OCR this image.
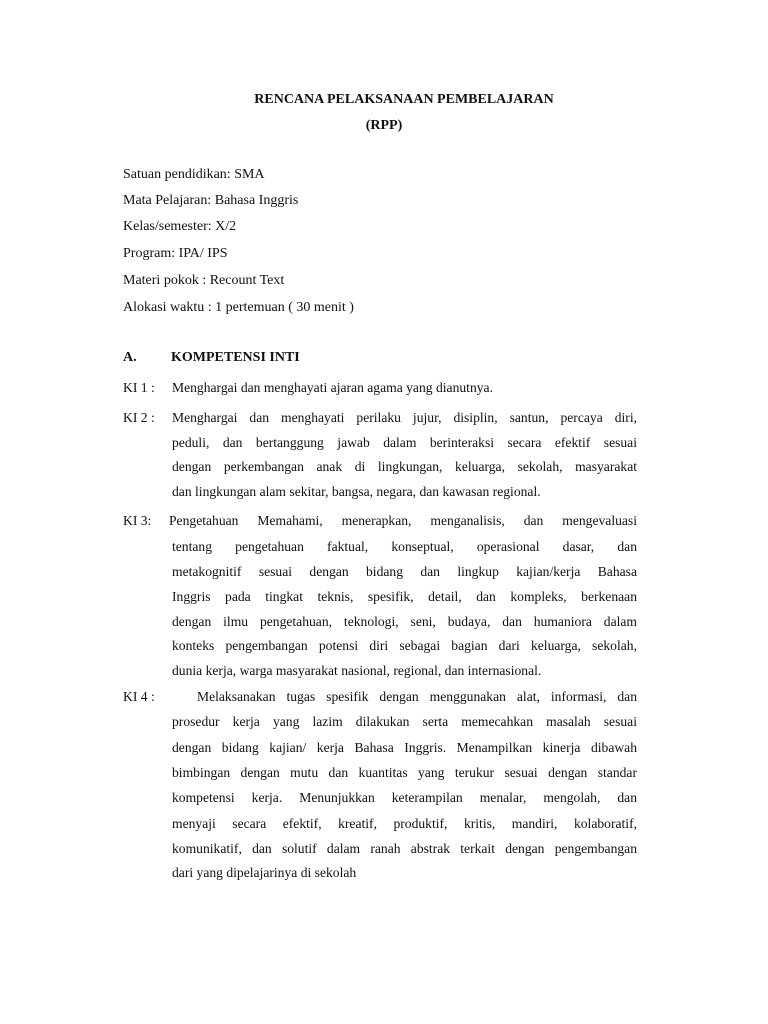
RENCANA PELAKSANAAN PEMBELAJARAN
(RPP)
Satuan pendidikan: SMA
Mata Pelajaran: Bahasa Inggris
Kelas/semester: X/2
Program: IPA/ IPS
Materi pokok : Recount Text
Alokasi waktu : 1 pertemuan ( 30 menit )
A. KOMPETENSI INTI
KI 1 : Menghargai dan menghayati ajaran agama yang dianutnya.
KI 2 : Menghargai dan menghayati perilaku jujur, disiplin, santun, percaya diri,
peduli, dan bertanggung jawab dalam berinteraksi secara efektif sesuai
dengan perkembangan anak di lingkungan, keluarga, sekolah, masyarakat
dan lingkungan alam sekitar, bangsa, negara, dan kawasan regional.
KI 3: Pengetahuan Memahami, menerapkan, menganalisis, dan mengevaluasi
tentang pengetahuan faktual, konseptual, operasional dasar, dan
metakognitif sesuai dengan bidang dan lingkup kajian/kerja Bahasa
Inggris pada tingkat teknis, spesifik, detail, dan kompleks, berkenaan
dengan ilmu pengetahuan, teknologi, seni, budaya, dan humaniora dalam
konteks pengembangan potensi diri sebagai bagian dari keluarga, sekolah,
dunia kerja, warga masyarakat nasional, regional, dan internasional.
KI 4 :	Melaksanakan tugas spesifik dengan menggunakan alat, informasi, dan
prosedur kerja yang lazim dilakukan serta memecahkan masalah sesuai
dengan bidang kajian/ kerja Bahasa Inggris. Menampilkan kinerja dibawah
bimbingan dengan mutu dan kuantitas yang terukur sesuai dengan standar
kompetensi kerja. Menunjukkan keterampilan menalar, mengolah, dan
menyaji secara efektif, kreatif, produktif, kritis, mandiri, kolaboratif,
komunikatif, dan solutif dalam ranah abstrak terkait dengan pengembangan
dari yang dipelajarinya di sekolah
